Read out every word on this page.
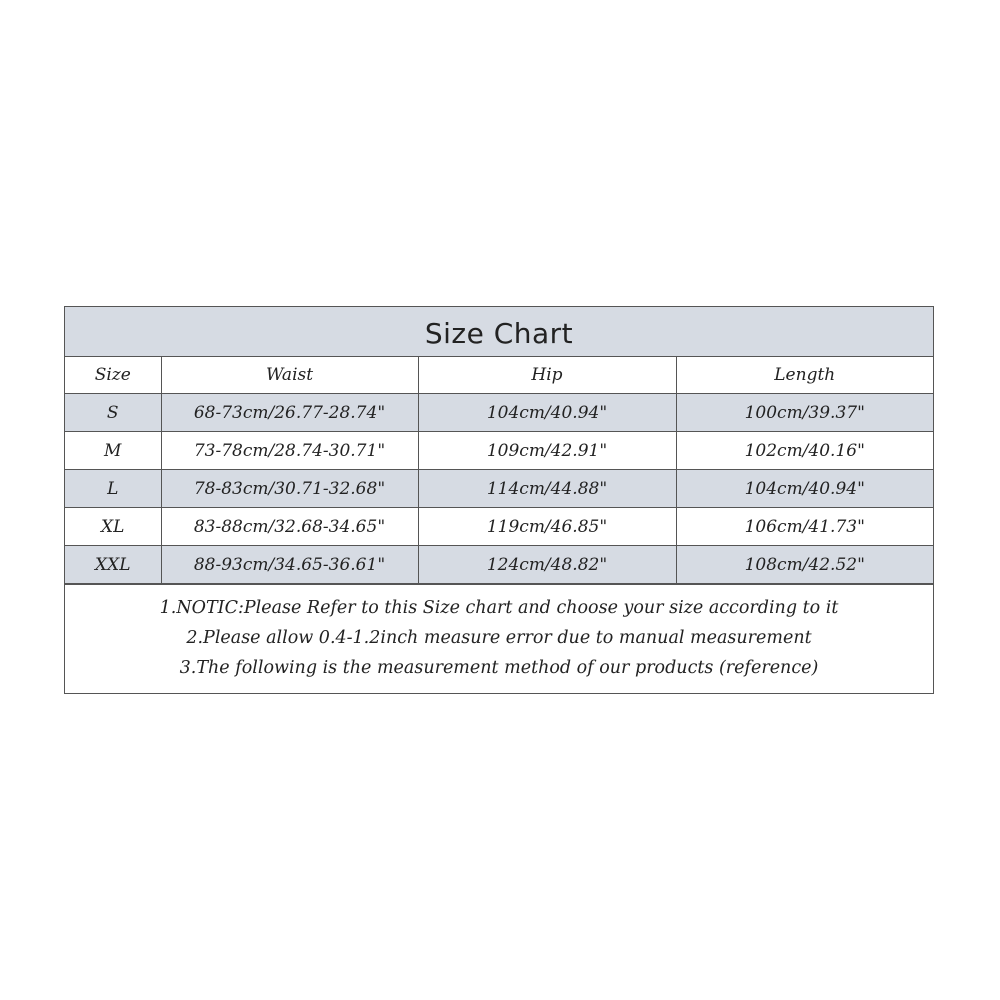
Size Chart
Size	Waist	Hip	Length
S	68-73cm/26.77-28.74"	104cm/40.94"	100cm/39.37"
M	73-78cm/28.74-30.71"	109cm/42.91"	102cm/40.16"
L	78-83cm/30.71-32.68"	114cm/44.88"	104cm/40.94"
XL	83-88cm/32.68-34.65"	119cm/46.85"	106cm/41.73"
XXL	88-93cm/34.65-36.61"	124cm/48.82"	108cm/42.52"
1.NOTIC:Please Refer to this Size chart and choose your size according to it
2.Please allow 0.4-1.2inch measure error due to manual measurement
3.The following is the measurement method of our products (reference)
